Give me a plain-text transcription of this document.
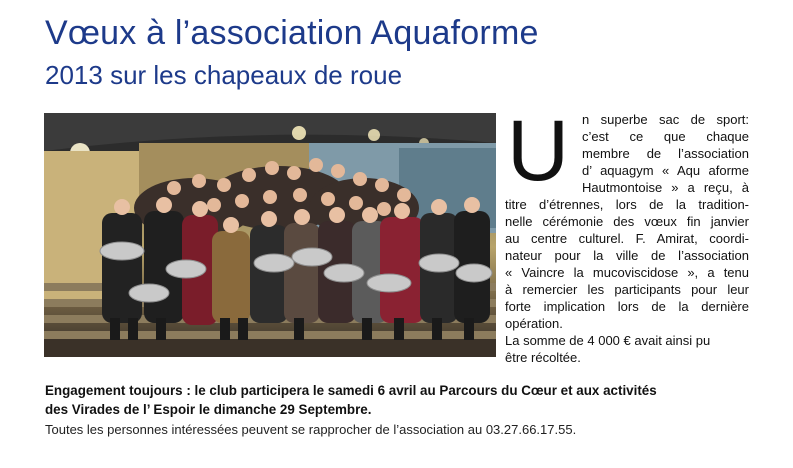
Vœux à l’association Aquaforme
2013 sur les chapeaux de roue
U n superbe sac de sport:
c’est ce que chaque
membre de l’association
d’ aquagym « Aqu aforme
Hautmontoise » a reçu, à
titre d’étrennes, lors de la tradition-
nelle cérémonie des vœux fin janvier
au centre culturel. F. Amirat, coordi-
nateur pour la ville de l’association
« Vaincre la mucoviscidose », a tenu
à remercier les participants pour leur
forte implication lors de la dernière
opération.
La somme de 4 000 € avait ainsi pu
être récoltée.
Engagement toujours : le club participera le samedi 6 avril au Parcours du Cœur et aux activités
des Virades de l’ Espoir le dimanche 29 Septembre.
Toutes les personnes intéressées peuvent se rapprocher de l’association au 03.27.66.17.55.
